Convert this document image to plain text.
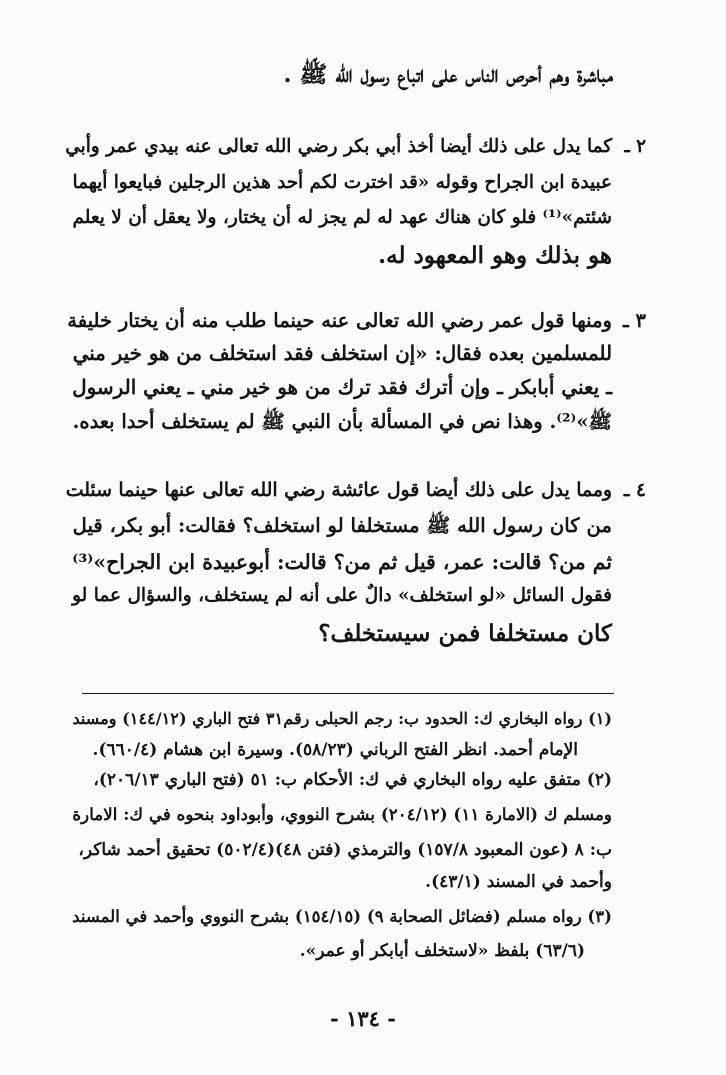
مباشرة وهم أحرص الناس على اتباع رسول الله ﷺ .
٢ ـكما يدل على ذلك أيضا أخذ أبي بكر رضي الله تعالى عنه بيدي عمر وأبي
عبيدة ابن الجراح وقوله «قد اخترت لكم أحد هذين الرجلين فبايعوا أيهما
شئتم»⁽¹⁾ فلو كان هناك عهد له لم يجز له أن يختار، ولا يعقل أن لا يعلم
هو بذلك وهو المعهود له.
٣ ـومنها قول عمر رضي الله تعالى عنه حينما طلب منه أن يختار خليفة
للمسلمين بعده فقال: «إن استخلف فقد استخلف من هو خير مني
ـ يعني أبابكر ـ وإن أترك فقد ترك من هو خير مني ـ يعني الرسول
ﷺ»⁽²⁾. وهذا نص في المسألة بأن النبي ﷺ لم يستخلف أحدا بعده.
٤ ـومما يدل على ذلك أيضا قول عائشة رضي الله تعالى عنها حينما سئلت
من كان رسول الله ﷺ مستخلفا لو استخلف؟ فقالت: أبو بكر، قيل
ثم من؟ قالت: عمر، قيل ثم من؟ قالت: أبوعبيدة ابن الجراح»⁽³⁾
فقول السائل «لو استخلف» دالٌ على أنه لم يستخلف، والسؤال عما لو
كان مستخلفا فمن سيستخلف؟
(١) رواه البخاري ك: الحدود ب: رجم الحبلى رقم٣١ فتح الباري (١٤٤/١٢) ومسند
الإمام أحمد. انظر الفتح الرباني (٥٨/٢٣). وسيرة ابن هشام (٦٦٠/٤).
(٢) متفق عليه رواه البخاري في ك: الأحكام ب: ٥١ (فتح الباري ٢٠٦/١٣)،
ومسلم ك (الامارة ١١) (٢٠٤/١٢) بشرح النووي، وأبوداود بنحوه في ك: الامارة
ب: ٨ (عون المعبود ١٥٧/٨) والترمذي (فتن ٤٨)(٥٠٢/٤) تحقيق أحمد شاكر،
وأحمد في المسند (٤٣/١).
(٣) رواه مسلم (فضائل الصحابة ٩) (١٥٤/١٥) بشرح النووي وأحمد في المسند
(٦٣/٦) بلفظ «لاستخلف أبابكر أو عمر».
- ١٣٤ -
